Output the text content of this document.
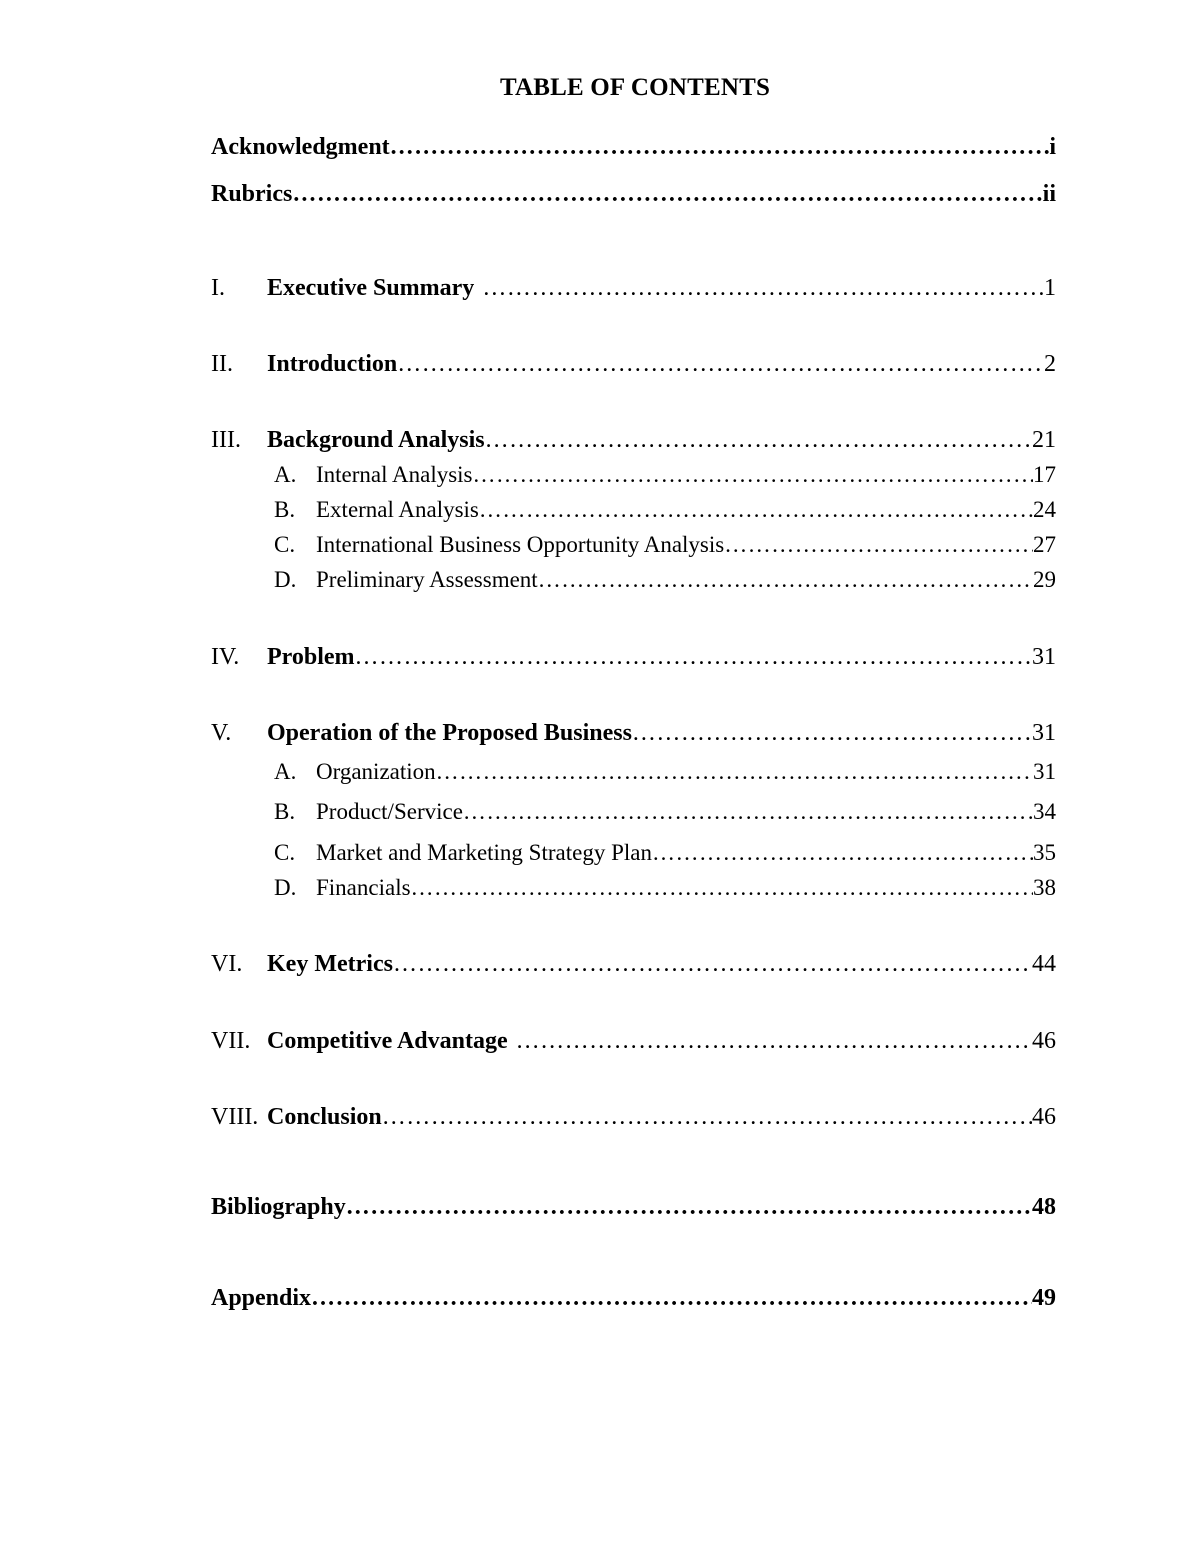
TABLE OF CONTENTS
Acknowledgment ……………………………………………………………………………………………………………………………………	i
Rubrics ……………………………………………………………………………………………………………………………………	ii
I.	Executive Summary ……………………………………………………………………………………………………………………………………	1
II.	Introduction ……………………………………………………………………………………………………………………………………	2
III.	Background Analysis ……………………………………………………………………………………………………………………………………	21
A. Internal Analysis ……………………………………………………………………………………………………………………………………	17
B. External Analysis ……………………………………………………………………………………………………………………………………	24
C. International Business Opportunity Analysis ……………………………………………………………………………………………………………………………………	27
D. Preliminary Assessment ……………………………………………………………………………………………………………………………………	29
IV.	Problem ……………………………………………………………………………………………………………………………………	31
V.	Operation of the Proposed Business ……………………………………………………………………………………………………………………………………	31
A. Organization ……………………………………………………………………………………………………………………………………	31
B. Product/Service ……………………………………………………………………………………………………………………………………	34
C. Market and Marketing Strategy Plan ……………………………………………………………………………………………………………………………………	35
D. Financials ……………………………………………………………………………………………………………………………………	38
VI.	Key Metrics ……………………………………………………………………………………………………………………………………	44
VII. Competitive Advantage ……………………………………………………………………………………………………………………………………	46
VIII. Conclusion ……………………………………………………………………………………………………………………………………	46
Bibliography ……………………………………………………………………………………………………………………………………	48
Appendix ……………………………………………………………………………………………………………………………………	49
